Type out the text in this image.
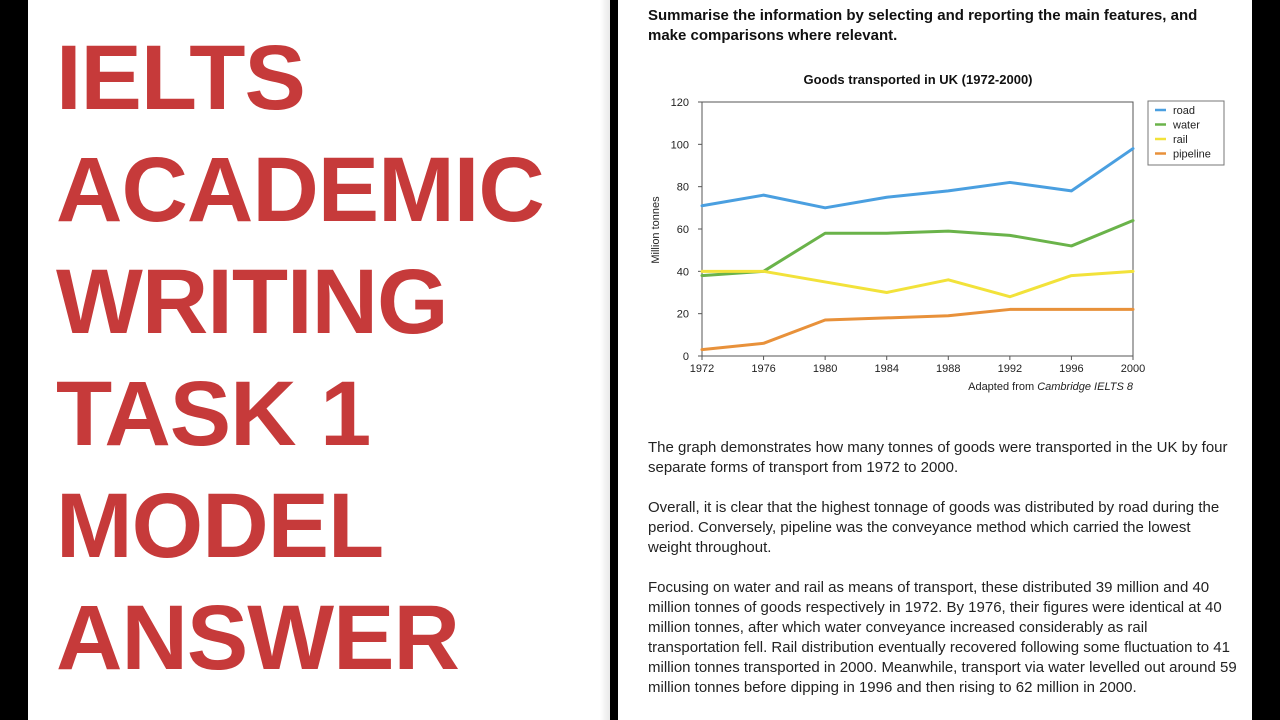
IELTS
ACADEMIC
WRITING
TASK 1
MODEL
ANSWER
Summarise the information by selecting and reporting the main features, and make comparisons where relevant.
Goods transported in UK (1972-2000)
0
20
40
60
80
100
120
1972	1976	1980	1984	1988	1992	1996	2000
Million tonnes
road
water
rail
pipeline
Adapted from Cambridge IELTS 8

The graph demonstrates how many tonnes of goods were transported in the UK by four separate forms of transport from 1972 to 2000.

Overall, it is clear that the highest tonnage of goods was distributed by road during the period. Conversely, pipeline was the conveyance method which carried the lowest weight throughout.

Focusing on water and rail as means of transport, these distributed 39 million and 40 million tonnes of goods respectively in 1972. By 1976, their figures were identical at 40 million tonnes, after which water conveyance increased considerably as rail transportation fell. Rail distribution eventually recovered following some fluctuation to 41 million tonnes transported in 2000. Meanwhile, transport via water levelled out around 59 million tonnes before dipping in 1996 and then rising to 62 million in 2000.
